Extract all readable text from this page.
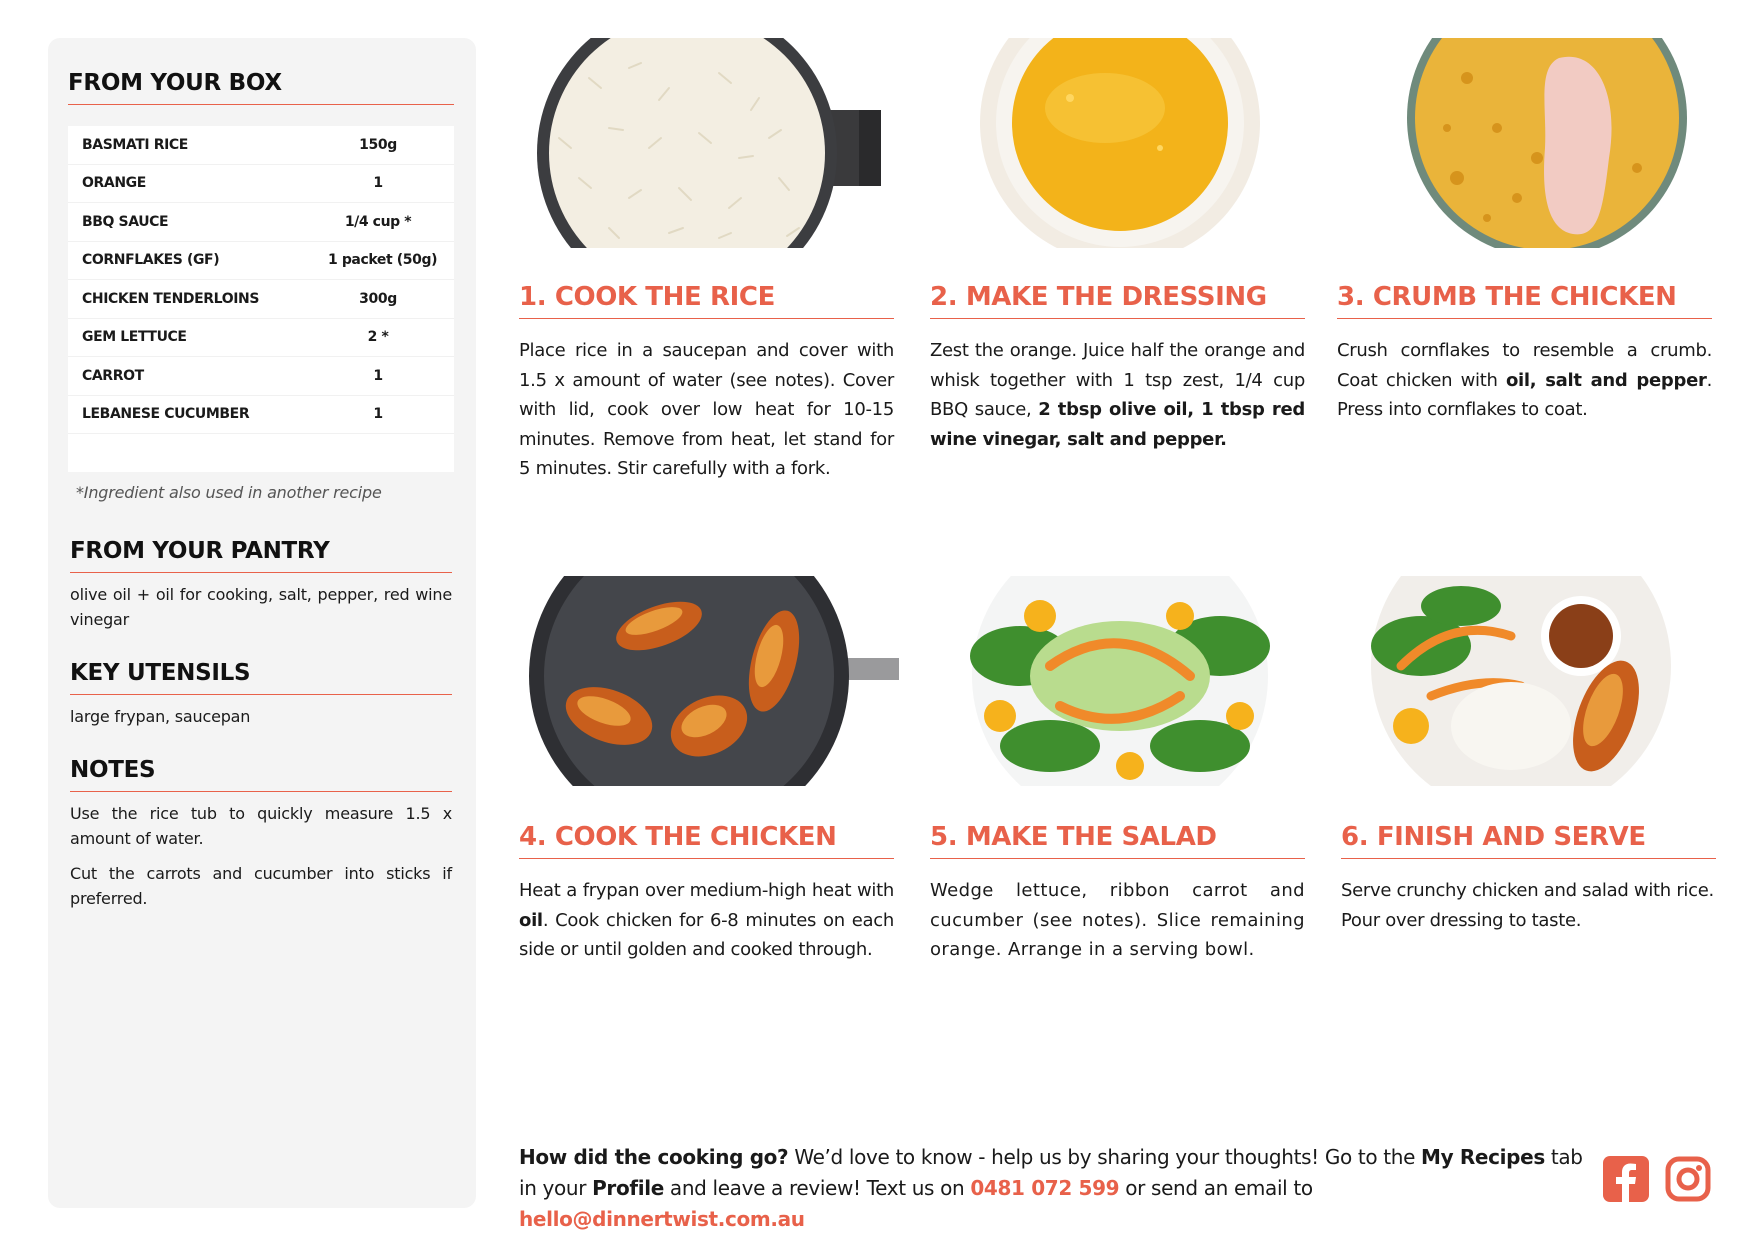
FROM YOUR BOX
BASMATI RICE	150g
ORANGE	1
BBQ SAUCE	1/4 cup *
CORNFLAKES (GF)	1 packet (50g)
CHICKEN TENDERLOINS	300g
GEM LETTUCE	2 *
CARROT	1
LEBANESE CUCUMBER	1
*Ingredient also used in another recipe
FROM YOUR PANTRY
olive oil + oil for cooking, salt, pepper, red wine vinegar
KEY UTENSILS
large frypan, saucepan
NOTES

Use the rice tub to quickly measure 1.5 x amount of water.

Cut the carrots and cucumber into sticks if preferred.

1. COOK THE RICE
Place rice in a saucepan and cover with 1.5 x amount of water (see notes). Cover with lid, cook over low heat for 10-15 minutes. Remove from heat, let stand for 5 minutes. Stir carefully with a fork.
2. MAKE THE DRESSING
Zest the orange. Juice half the orange and whisk together with 1 tsp zest, 1/4 cup BBQ sauce, 2 tbsp olive oil, 1 tbsp red wine vinegar, salt and pepper.
3. CRUMB THE CHICKEN
Crush cornflakes to resemble a crumb. Coat chicken with oil, salt and pepper. Press into cornflakes to coat.
4. COOK THE CHICKEN
Heat a frypan over medium-high heat with oil. Cook chicken for 6-8 minutes on each side or until golden and cooked through.
5. MAKE THE SALAD
Wedge lettuce, ribbon carrot and cucumber (see notes). Slice remaining orange. Arrange in a serving bowl.
6. FINISH AND SERVE
Serve crunchy chicken and salad with rice. Pour over dressing to taste.
How did the cooking go? We’d love to know - help us by sharing your thoughts! Go to the My Recipes tab in your Profile and leave a review! Text us on 0481 072 599 or send an email to hello@dinnertwist.com.au
